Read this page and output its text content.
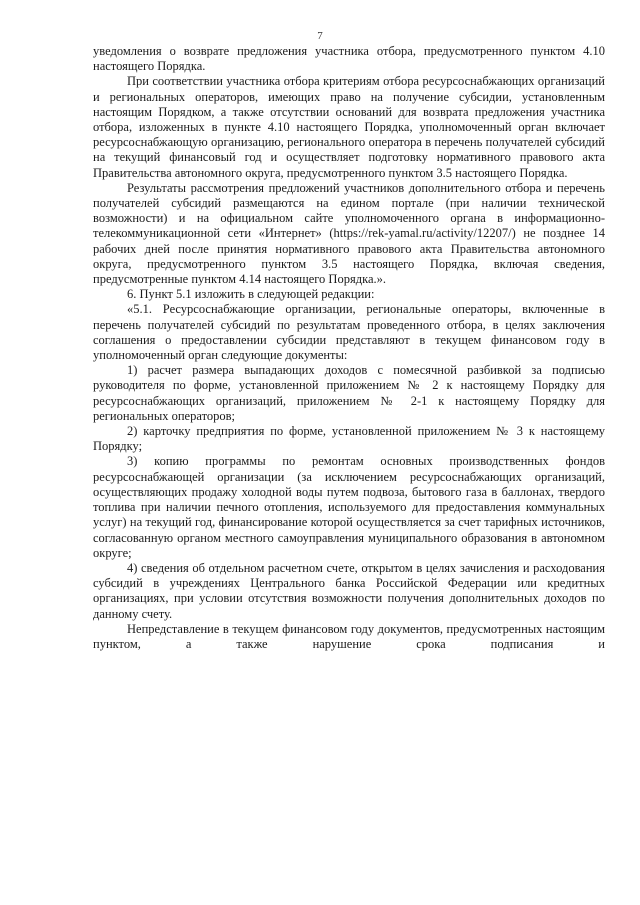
7

уведомления о возврате предложения участника отбора, предусмотренного пунктом 4.10 настоящего Порядка.

При соответствии участника отбора критериям отбора ресурсоснабжающих организаций и региональных операторов, имеющих право на получение субсидии, установленным настоящим Порядком, а также отсутствии оснований для возврата предложения участника отбора, изложенных в пункте 4.10 настоящего Порядка, уполномоченный орган включает ресурсоснабжающую организацию, регионального оператора в перечень получателей субсидий на текущий финансовый год и осуществляет подготовку нормативного правового акта Правительства автономного округа, предусмотренного пунктом 3.5 настоящего Порядка.

Результаты рассмотрения предложений участников дополнительного отбора и перечень получателей субсидий размещаются на едином портале (при наличии технической возможности) и на официальном сайте уполномоченного органа в информационно-телекоммуникационной сети «Интернет» (https://rek-yamal.ru/activity/12207/) не позднее 14 рабочих дней после принятия нормативного правового акта Правительства автономного округа, предусмотренного пунктом 3.5 настоящего Порядка, включая сведения, предусмотренные пунктом 4.14 настоящего Порядка.».

6. Пункт 5.1 изложить в следующей редакции:

«5.1. Ресурсоснабжающие организации, региональные операторы, включенные в перечень получателей субсидий по результатам проведенного отбора, в целях заключения соглашения о предоставлении субсидии представляют в текущем финансовом году в уполномоченный орган следующие документы:

1) расчет размера выпадающих доходов с помесячной разбивкой за подписью руководителя по форме, установленной приложением № 2 к настоящему Порядку для ресурсоснабжающих организаций, приложением № 2-1 к настоящему Порядку для региональных операторов;

2) карточку предприятия по форме, установленной приложением № 3 к настоящему Порядку;

3) копию программы по ремонтам основных производственных фондов ресурсоснабжающей организации (за исключением ресурсоснабжающих организаций, осуществляющих продажу холодной воды путем подвоза, бытового газа в баллонах, твердого топлива при наличии печного отопления, используемого для предоставления коммунальных услуг) на текущий год, финансирование которой осуществляется за счет тарифных источников, согласованную органом местного самоуправления муниципального образования в автономном округе;

4) сведения об отдельном расчетном счете, открытом в целях зачисления и расходования субсидий в учреждениях Центрального банка Российской Федерации или кредитных организациях, при условии отсутствия возможности получения дополнительных доходов по данному счету.

Непредставление в текущем финансовом году документов, предусмотренных настоящим пунктом, а также нарушение срока подписания и
